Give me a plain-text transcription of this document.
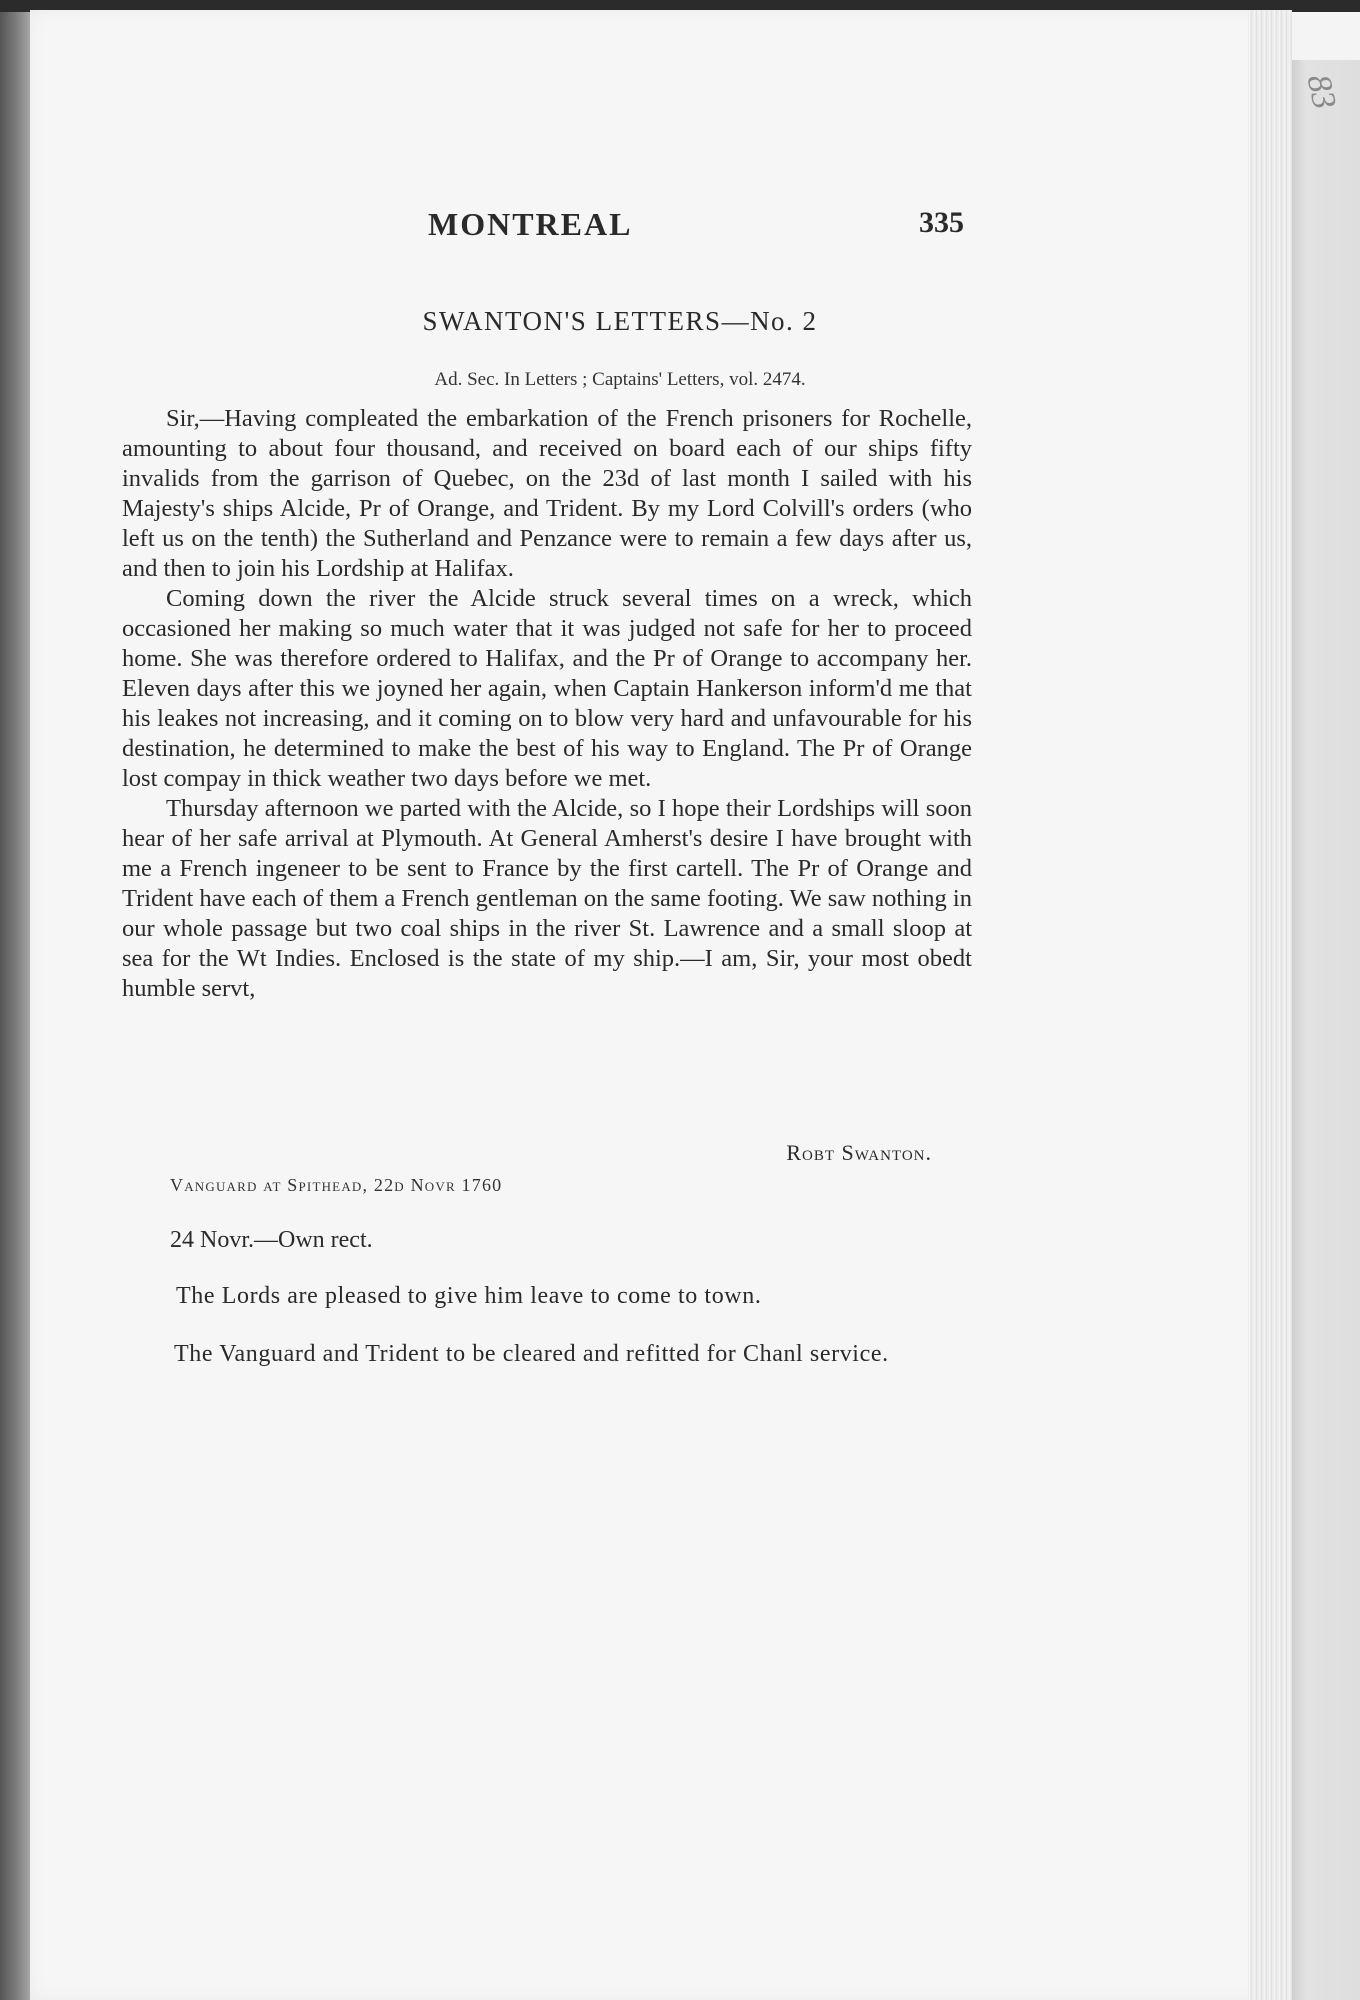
83
MONTREAL	335
SWANTON'S LETTERS—No. 2
Ad. Sec. In Letters ; Captains' Letters, vol. 2474.

Sir,—Having compleated the embarkation of the French prisoners for Rochelle, amounting to about four thousand, and received on board each of our ships fifty invalids from the garrison of Quebec, on the 23d of last month I sailed with his Majesty's ships Alcide, Pr of Orange, and Trident. By my Lord Colvill's orders (who left us on the tenth) the Sutherland and Penzance were to remain a few days after us, and then to join his Lordship at Halifax.

Coming down the river the Alcide struck several times on a wreck, which occasioned her making so much water that it was judged not safe for her to proceed home. She was therefore ordered to Halifax, and the Pr of Orange to accompany her. Eleven days after this we joyned her again, when Captain Hankerson inform'd me that his leakes not increasing, and it coming on to blow very hard and unfavourable for his destination, he determined to make the best of his way to England. The Pr of Orange lost compay in thick weather two days before we met.

Thursday afternoon we parted with the Alcide, so I hope their Lordships will soon hear of her safe arrival at Plymouth. At General Amherst's desire I have brought with me a French ingeneer to be sent to France by the first cartell. The Pr of Orange and Trident have each of them a French gentleman on the same footing. We saw nothing in our whole passage but two coal ships in the river St. Lawrence and a small sloop at sea for the Wt Indies. Enclosed is the state of my ship.—I am, Sir, your most obedt humble servt,

Robt Swanton.
Vanguard at Spithead, 22d Novr 1760
24 Novr.—Own rect.
The Lords are pleased to give him leave to come to town.
The Vanguard and Trident to be cleared and refitted for Chanl service.
